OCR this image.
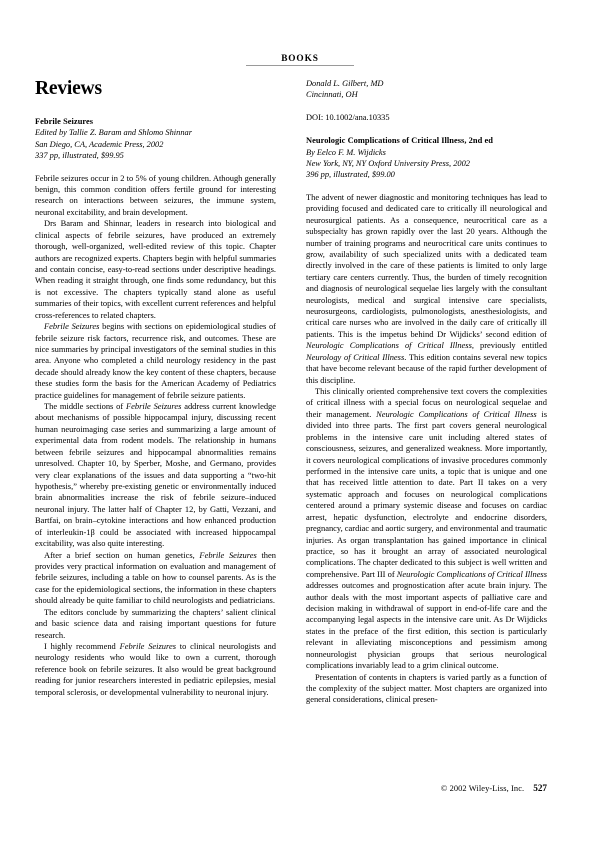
BOOKS
Reviews

Febrile Seizures

Edited by Tallie Z. Baram and Shlomo Shinnar

San Diego, CA, Academic Press, 2002

337 pp, illustrated, $99.95

Febrile seizures occur in 2 to 5% of young children. Athough generally benign, this common condition offers fertile ground for interesting research on interactions between seizures, the immune system, neuronal excitability, and brain development.

Drs Baram and Shinnar, leaders in research into biological and clinical aspects of febrile seizures, have produced an extremely thorough, well-organized, well-edited review of this topic. Chapter authors are recognized experts. Chapters begin with helpful summaries and contain concise, easy-to-read sections under descriptive headings. When reading it straight through, one finds some redundancy, but this is not excessive. The chapters typically stand alone as useful summaries of their topics, with excellent current references and helpful cross-references to related chapters.

Febrile Seizures begins with sections on epidemiological studies of febrile seizure risk factors, recurrence risk, and outcomes. These are nice summaries by principal investigators of the seminal studies in this area. Anyone who completed a child neurology residency in the past decade should already know the key content of these chapters, because these studies form the basis for the American Academy of Pediatrics practice guidelines for management of febrile seizure patients.

The middle sections of Febrile Seizures address current knowledge about mechanisms of possible hippocampal injury, discussing recent human neuroimaging case series and summarizing a large amount of experimental data from rodent models. The relationship in humans between febrile seizures and hippocampal abnormalities remains unresolved. Chapter 10, by Sperber, Moshe, and Germano, provides very clear explanations of the issues and data supporting a “two-hit hypothesis,” whereby pre-existing genetic or environmentally induced brain abnormalities increase the risk of febrile seizure–induced neuronal injury. The latter half of Chapter 12, by Gatti, Vezzani, and Bartfai, on brain–cytokine interactions and how enhanced production of interleukin-1β could be associated with increased hippocampal excitability, was also quite interesting.

After a brief section on human genetics, Febrile Seizures then provides very practical information on evaluation and management of febrile seizures, including a table on how to counsel parents. As is the case for the epidemiological sections, the information in these chapters should already be quite familiar to child neurologists and pediatricians.

The editors conclude by summarizing the chapters’ salient clinical and basic science data and raising important questions for future research.

I highly recommend Febrile Seizures to clinical neurologists and neurology residents who would like to own a current, thorough reference book on febrile seizures. It also would be great background reading for junior researchers interested in pediatric epilepsies, mesial temporal sclerosis, or developmental vulnerability to neuronal injury.

Donald L. Gilbert, MD

Cincinnati, OH

DOI: 10.1002/ana.10335

Neurologic Complications of Critical Illness, 2nd ed

By Eelco F. M. Wijdicks

New York, NY, NY Oxford University Press, 2002

396 pp, illustrated, $99.00

The advent of newer diagnostic and monitoring techniques has lead to providing focused and dedicated care to critically ill neurological and neurosurgical patients. As a consequence, neurocritical care as a subspecialty has grown rapidly over the last 20 years. Although the number of training programs and neurocritical care units continues to grow, availability of such specialized units with a dedicated team directly involved in the care of these patients is limited to only large tertiary care centers currently. Thus, the burden of timely recognition and diagnosis of neurological sequelae lies largely with the consultant neurologists, medical and surgical intensive care specialists, neurosurgeons, cardiologists, pulmonologists, anesthesiologists, and critical care nurses who are involved in the daily care of critically ill patients. This is the impetus behind Dr Wijdicks’ second edition of Neurologic Complications of Critical Illness, previously entitled Neurology of Critical Illness. This edition contains several new topics that have become relevant because of the rapid further development of this discipline.

This clinically oriented comprehensive text covers the complexities of critical illness with a special focus on neurological sequelae and their management. Neurologic Complications of Critical Illness is divided into three parts. The first part covers general neurological problems in the intensive care unit including altered states of consciousness, seizures, and generalized weakness. More importantly, it covers neurological complications of invasive procedures commonly performed in the intensive care units, a topic that is unique and one that has received little attention to date. Part II takes on a very systematic approach and focuses on neurological complications centered around a primary systemic disease and focuses on cardiac arrest, hepatic dysfunction, electrolyte and endocrine disorders, pregnancy, cardiac and aortic surgery, and environmental and traumatic injuries. As organ transplantation has gained importance in clinical practice, so has it brought an array of associated neurological complications. The chapter dedicated to this subject is well written and comprehensive. Part III of Neurologic Complications of Critical Illness addresses outcomes and prognostication after acute brain injury. The author deals with the most important aspects of palliative care and decision making in withdrawal of support in end-of-life care and the accompanying legal aspects in the intensive care unit. As Dr Wijdicks states in the preface of the first edition, this section is particularly relevant in alleviating misconceptions and pessimism among nonneurologist physician groups that serious neurological complications invariably lead to a grim clinical outcome.

Presentation of contents in chapters is varied partly as a function of the complexity of the subject matter. Most chapters are organized into general considerations, clinical presen-

© 2002 Wiley-Liss, Inc. 527
